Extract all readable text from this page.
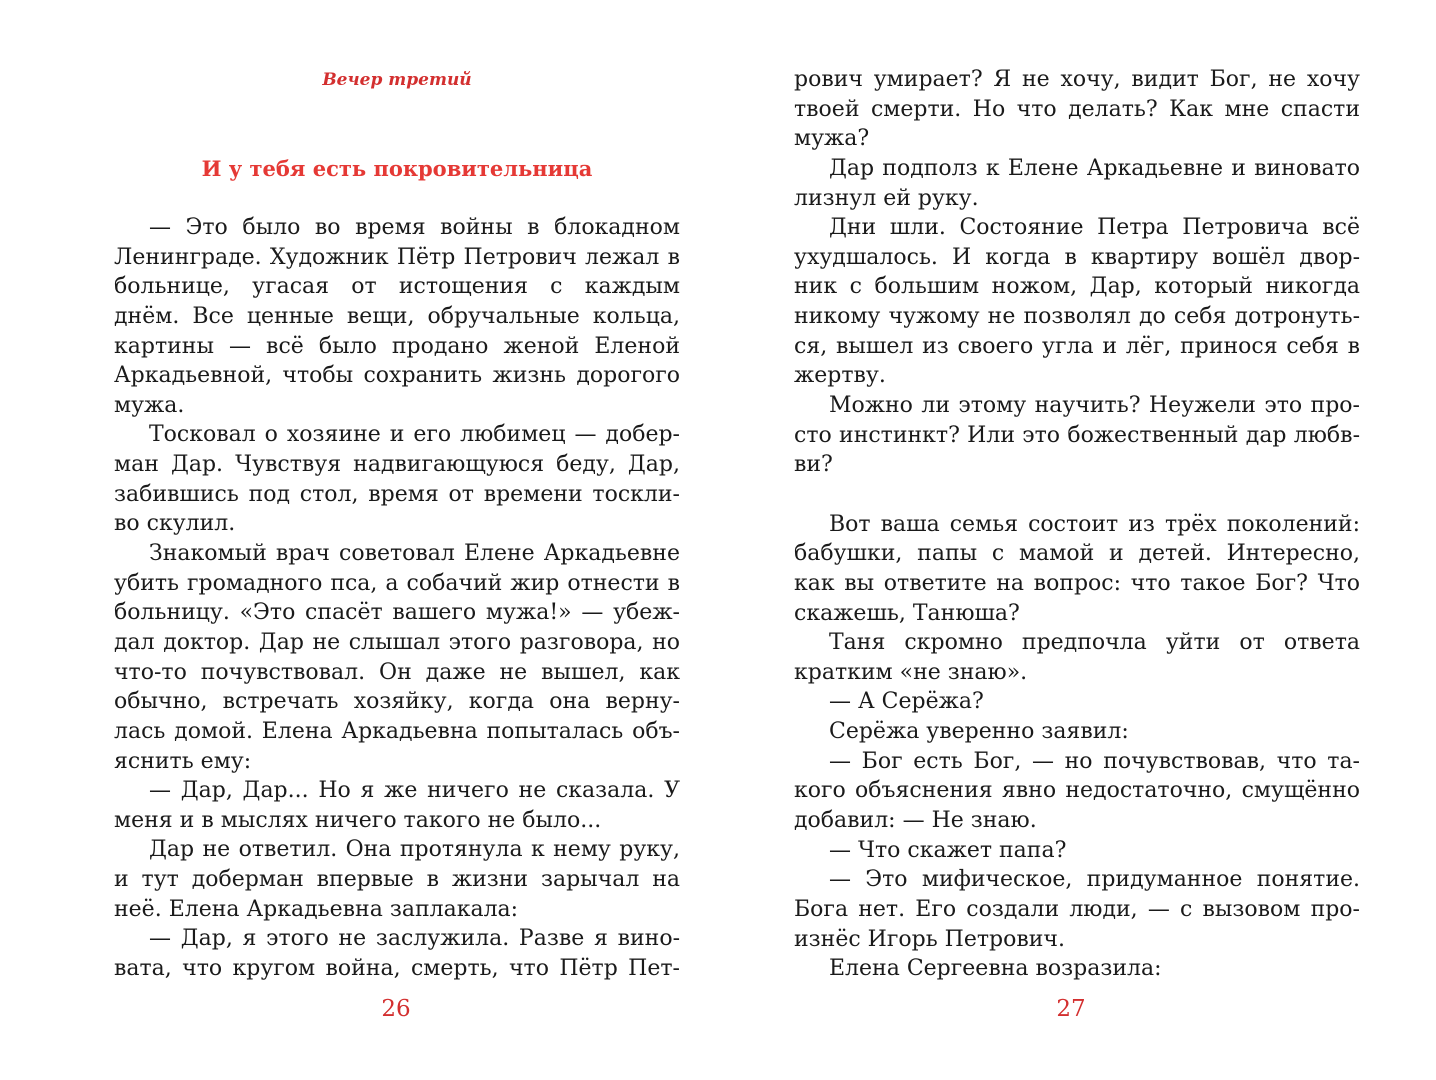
Вечер третий
И у тебя есть покровительница
— Это было во время войны в блокадном
Ленинграде. Художник Пётр Петрович лежал в
больнице, угасая от истощения с каждым
днём. Все ценные вещи, обручальные кольца,
картины — всё было продано женой Еленой
Аркадьевной, чтобы сохранить жизнь дорогого
мужа.
Тосковал о хозяине и его любимец — добер-
ман Дар. Чувствуя надвигающуюся беду, Дар,
забившись под стол, время от времени тоскли-
во скулил.
Знакомый врач советовал Елене Аркадьевне
убить громадного пса, а собачий жир отнести в
больницу. «Это спасёт вашего мужа!» — убеж-
дал доктор. Дар не слышал этого разговора, но
что-то почувствовал. Он даже не вышел, как
обычно, встречать хозяйку, когда она верну-
лась домой. Елена Аркадьевна попыталась объ-
яснить ему:
— Дар, Дар... Но я же ничего не сказала. У
меня и в мыслях ничего такого не было...
Дар не ответил. Она протянула к нему руку,
и тут доберман впервые в жизни зарычал на
неё. Елена Аркадьевна заплакала:
— Дар, я этого не заслужила. Разве я вино-
вата, что кругом война, смерть, что Пётр Пет-
26
рович умирает? Я не хочу, видит Бог, не хочу
твоей смерти. Но что делать? Как мне спасти
мужа?
Дар подполз к Елене Аркадьевне и виновато
лизнул ей руку.
Дни шли. Состояние Петра Петровича всё
ухудшалось. И когда в квартиру вошёл двор-
ник с большим ножом, Дар, который никогда
никому чужому не позволял до себя дотронуть-
ся, вышел из своего угла и лёг, принося себя в
жертву.
Можно ли этому научить? Неужели это про-
сто инстинкт? Или это божественный дар любв-
ви?
Вот ваша семья состоит из трёх поколений:
бабушки, папы с мамой и детей. Интересно,
как вы ответите на вопрос: что такое Бог? Что
скажешь, Танюша?
Таня скромно предпочла уйти от ответа
кратким «не знаю».
— А Серёжа?
Серёжа уверенно заявил:
— Бог есть Бог, — но почувствовав, что та-
кого объяснения явно недостаточно, смущённо
добавил: — Не знаю.
— Что скажет папа?
— Это мифическое, придуманное понятие.
Бога нет. Его создали люди, — с вызовом про-
изнёс Игорь Петрович.
Елена Сергеевна возразила:
27
